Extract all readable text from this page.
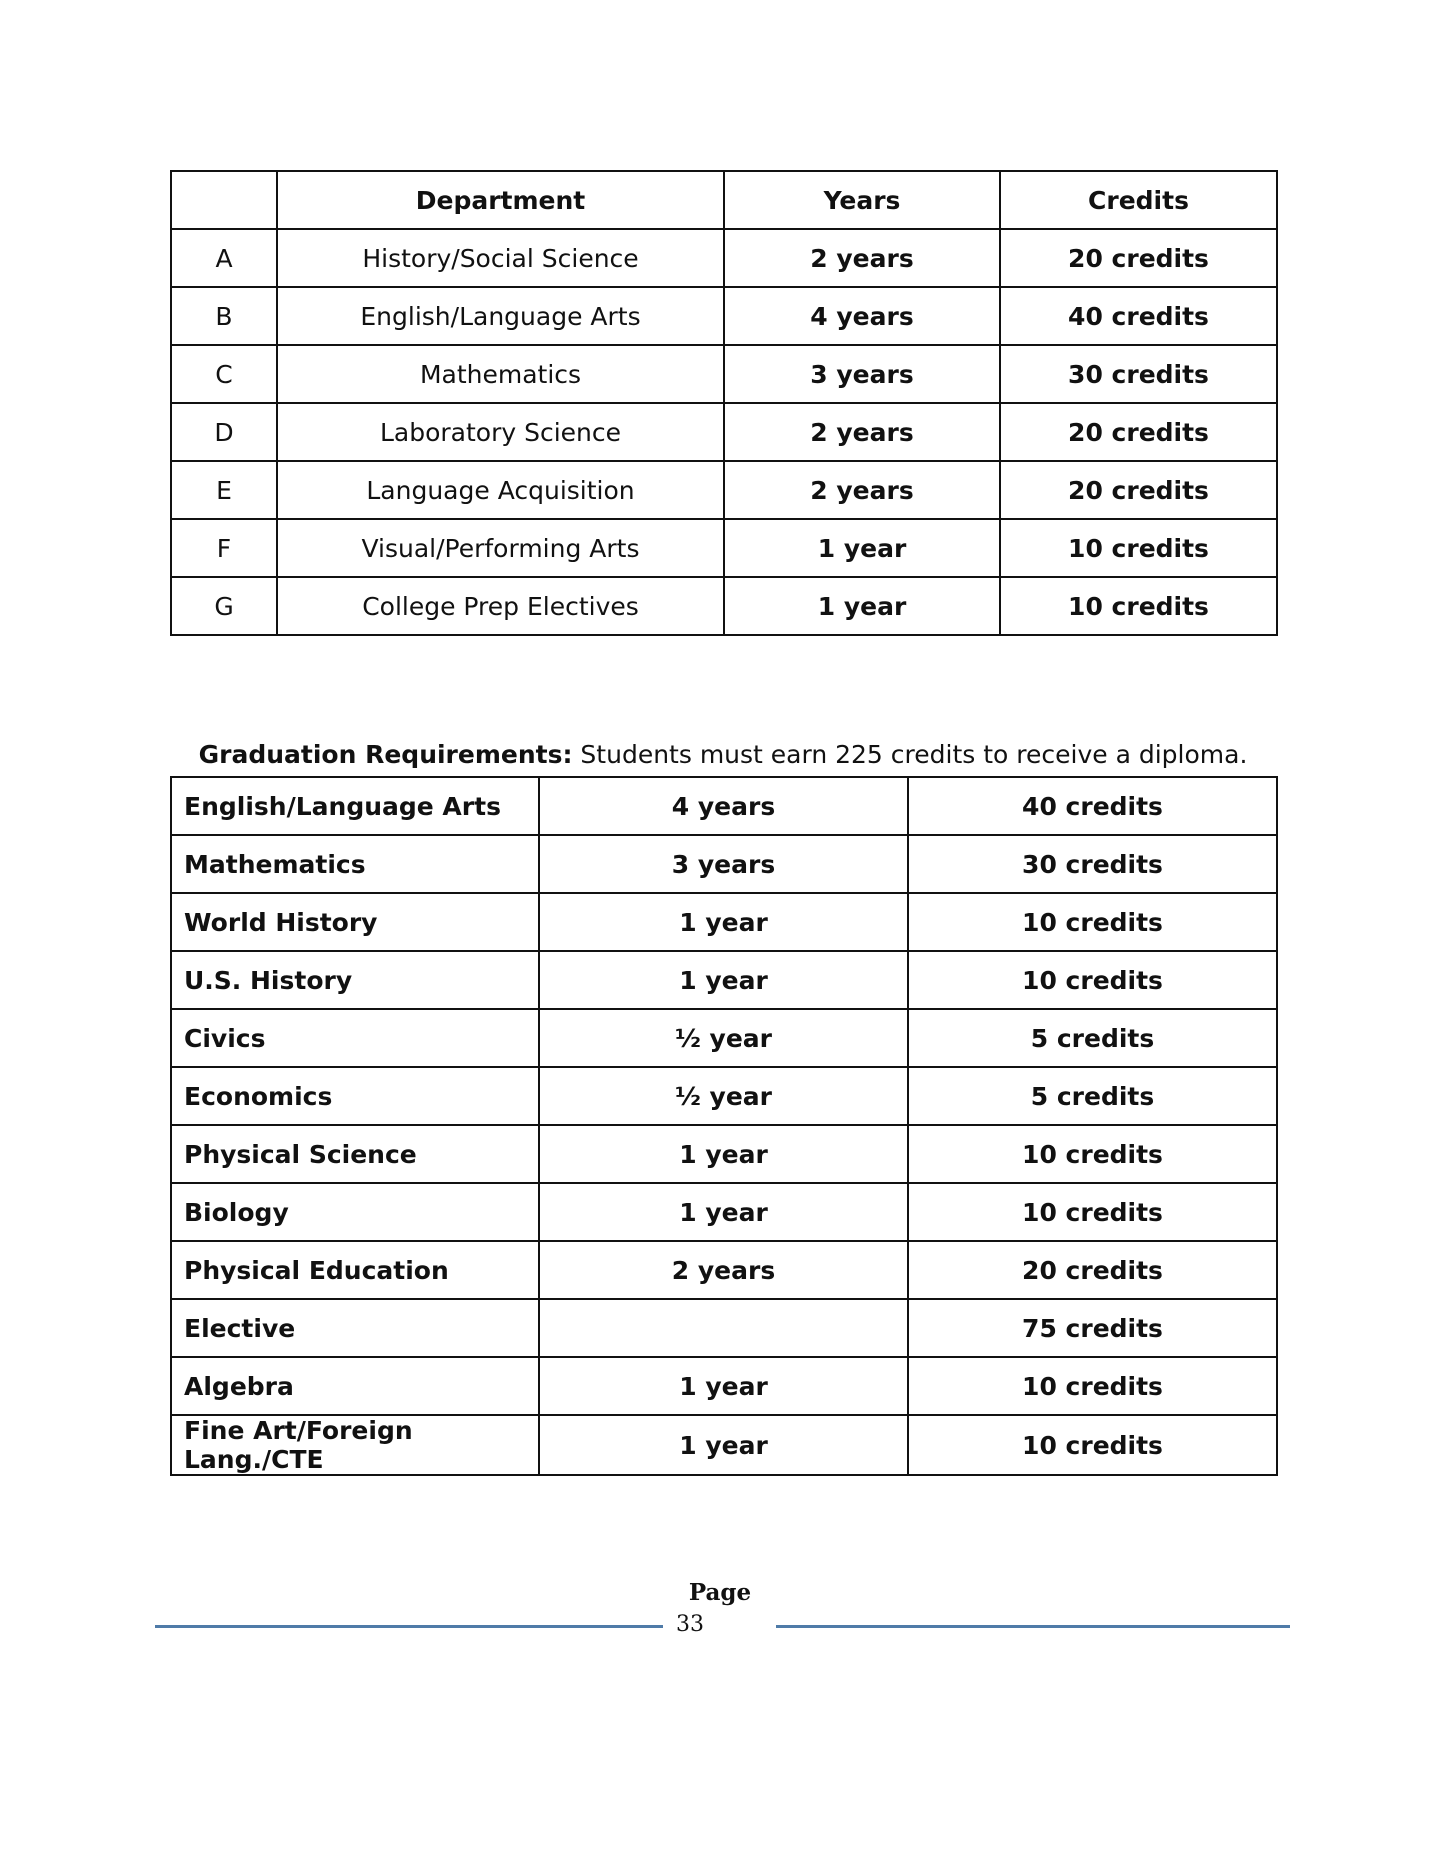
	Department	Years	Credits
A	History/Social Science	2 years	20 credits
B	English/Language Arts	4 years	40 credits
C	Mathematics	3 years	30 credits
D	Laboratory Science	2 years	20 credits
E	Language Acquisition	2 years	20 credits
F	Visual/Performing Arts	1 year	10 credits
G	College Prep Electives	1 year	10 credits
Graduation Requirements: Students must earn 225 credits to receive a diploma.
English/Language Arts	4 years	40 credits
Mathematics	3 years	30 credits
World History	1 year	10 credits
U.S. History	1 year	10 credits
Civics	½ year	5 credits
Economics	½ year	5 credits
Physical Science	1 year	10 credits
Biology	1 year	10 credits
Physical Education	2 years	20 credits
Elective		75 credits
Algebra	1 year	10 credits
Fine Art/Foreign Lang./CTE	1 year	10 credits
Page
33
